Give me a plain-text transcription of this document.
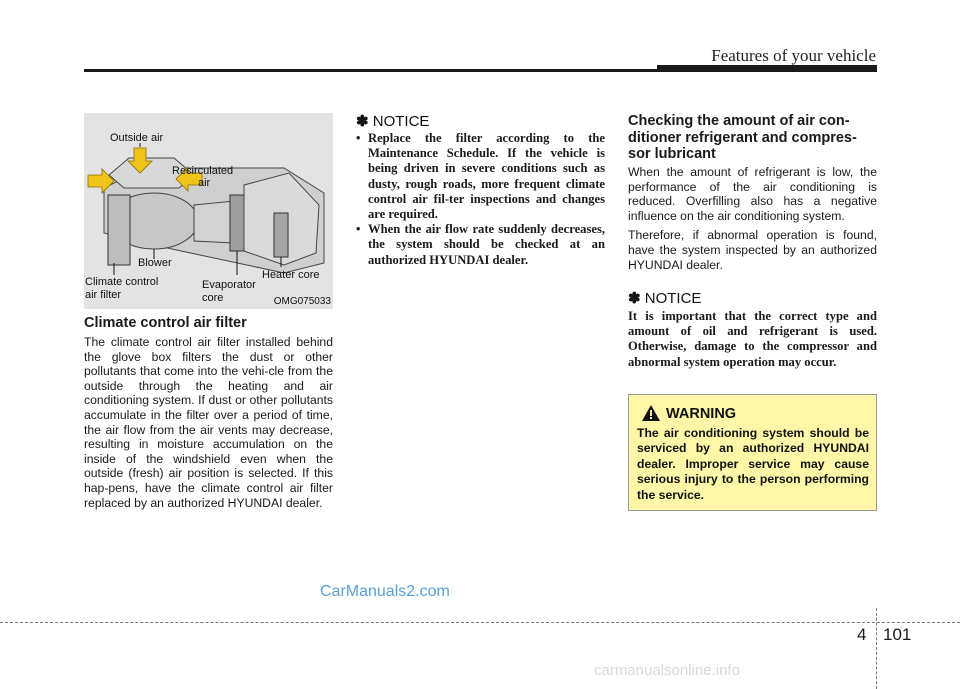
Features of your vehicle
Outside air
Recirculated
air
Blower
Climate control
air filter
Evaporator
core
Heater core
OMG075033
Climate control air filter
The climate control air filter installed behind the glove box filters the dust or other pollutants that come into the vehi-cle from the outside through the heating and air conditioning system. If dust or other pollutants accumulate in the filter over a period of time, the air flow from the air vents may decrease, resulting in moisture accumulation on the inside of the windshield even when the outside (fresh) air position is selected. If this hap-pens, have the climate control air filter replaced by an authorized HYUNDAI dealer.
✽ NOTICE
• Replace the filter according to the Maintenance Schedule. If the vehicle is being driven in severe conditions such as dusty, rough roads, more frequent climate control air fil-ter inspections and changes are required.
• When the air flow rate suddenly decreases, the system should be checked at an authorized HYUNDAI dealer.
Checking the amount of air con-ditioner refrigerant and compres-sor lubricant

When the amount of refrigerant is low, the performance of the air conditioning is reduced. Overfilling also has a negative influence on the air conditioning system.

Therefore, if abnormal operation is found, have the system inspected by an authorized HYUNDAI dealer.

✽ NOTICE
It is important that the correct type and amount of oil and refrigerant is used. Otherwise, damage to the compressor and abnormal system operation may occur.
WARNING
The air conditioning system should be serviced by an authorized HYUNDAI dealer. Improper service may cause serious injury to the person performing the service.
CarManuals2.com
4 101
carmanualsonline.info
